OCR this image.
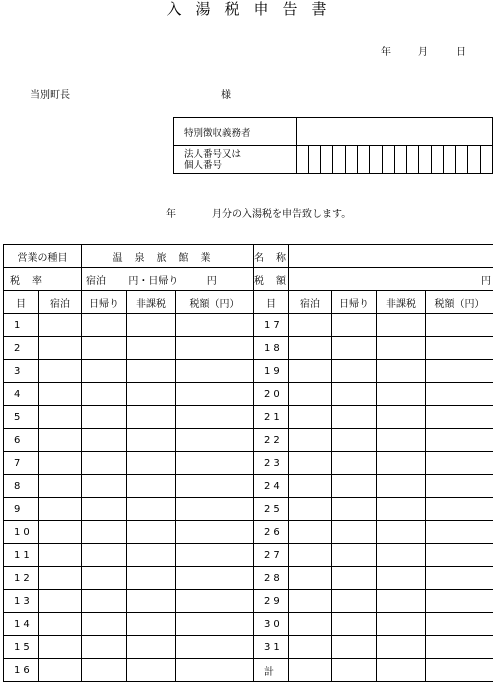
入湯税申告書
年	月	日
当別町長	様
特別徴収義務者																

法人番号又は
個人番号																

年	月分の入湯税を申告致します。
営業の種目		温泉旅館業			名称				
税率		宿泊 円・日帰り 円			税額	円			
目	宿泊	日帰り	非課税	税額（円）	目	宿泊	日帰り	非課税	税額（円）
1					17				
2					18				
3					19				
4					20				
5					21				
6					22				
7					23				
8					24				
9					25				
10					26				
11					27				
12					28				
13					29				
14					30				
15					31				
16					計				
